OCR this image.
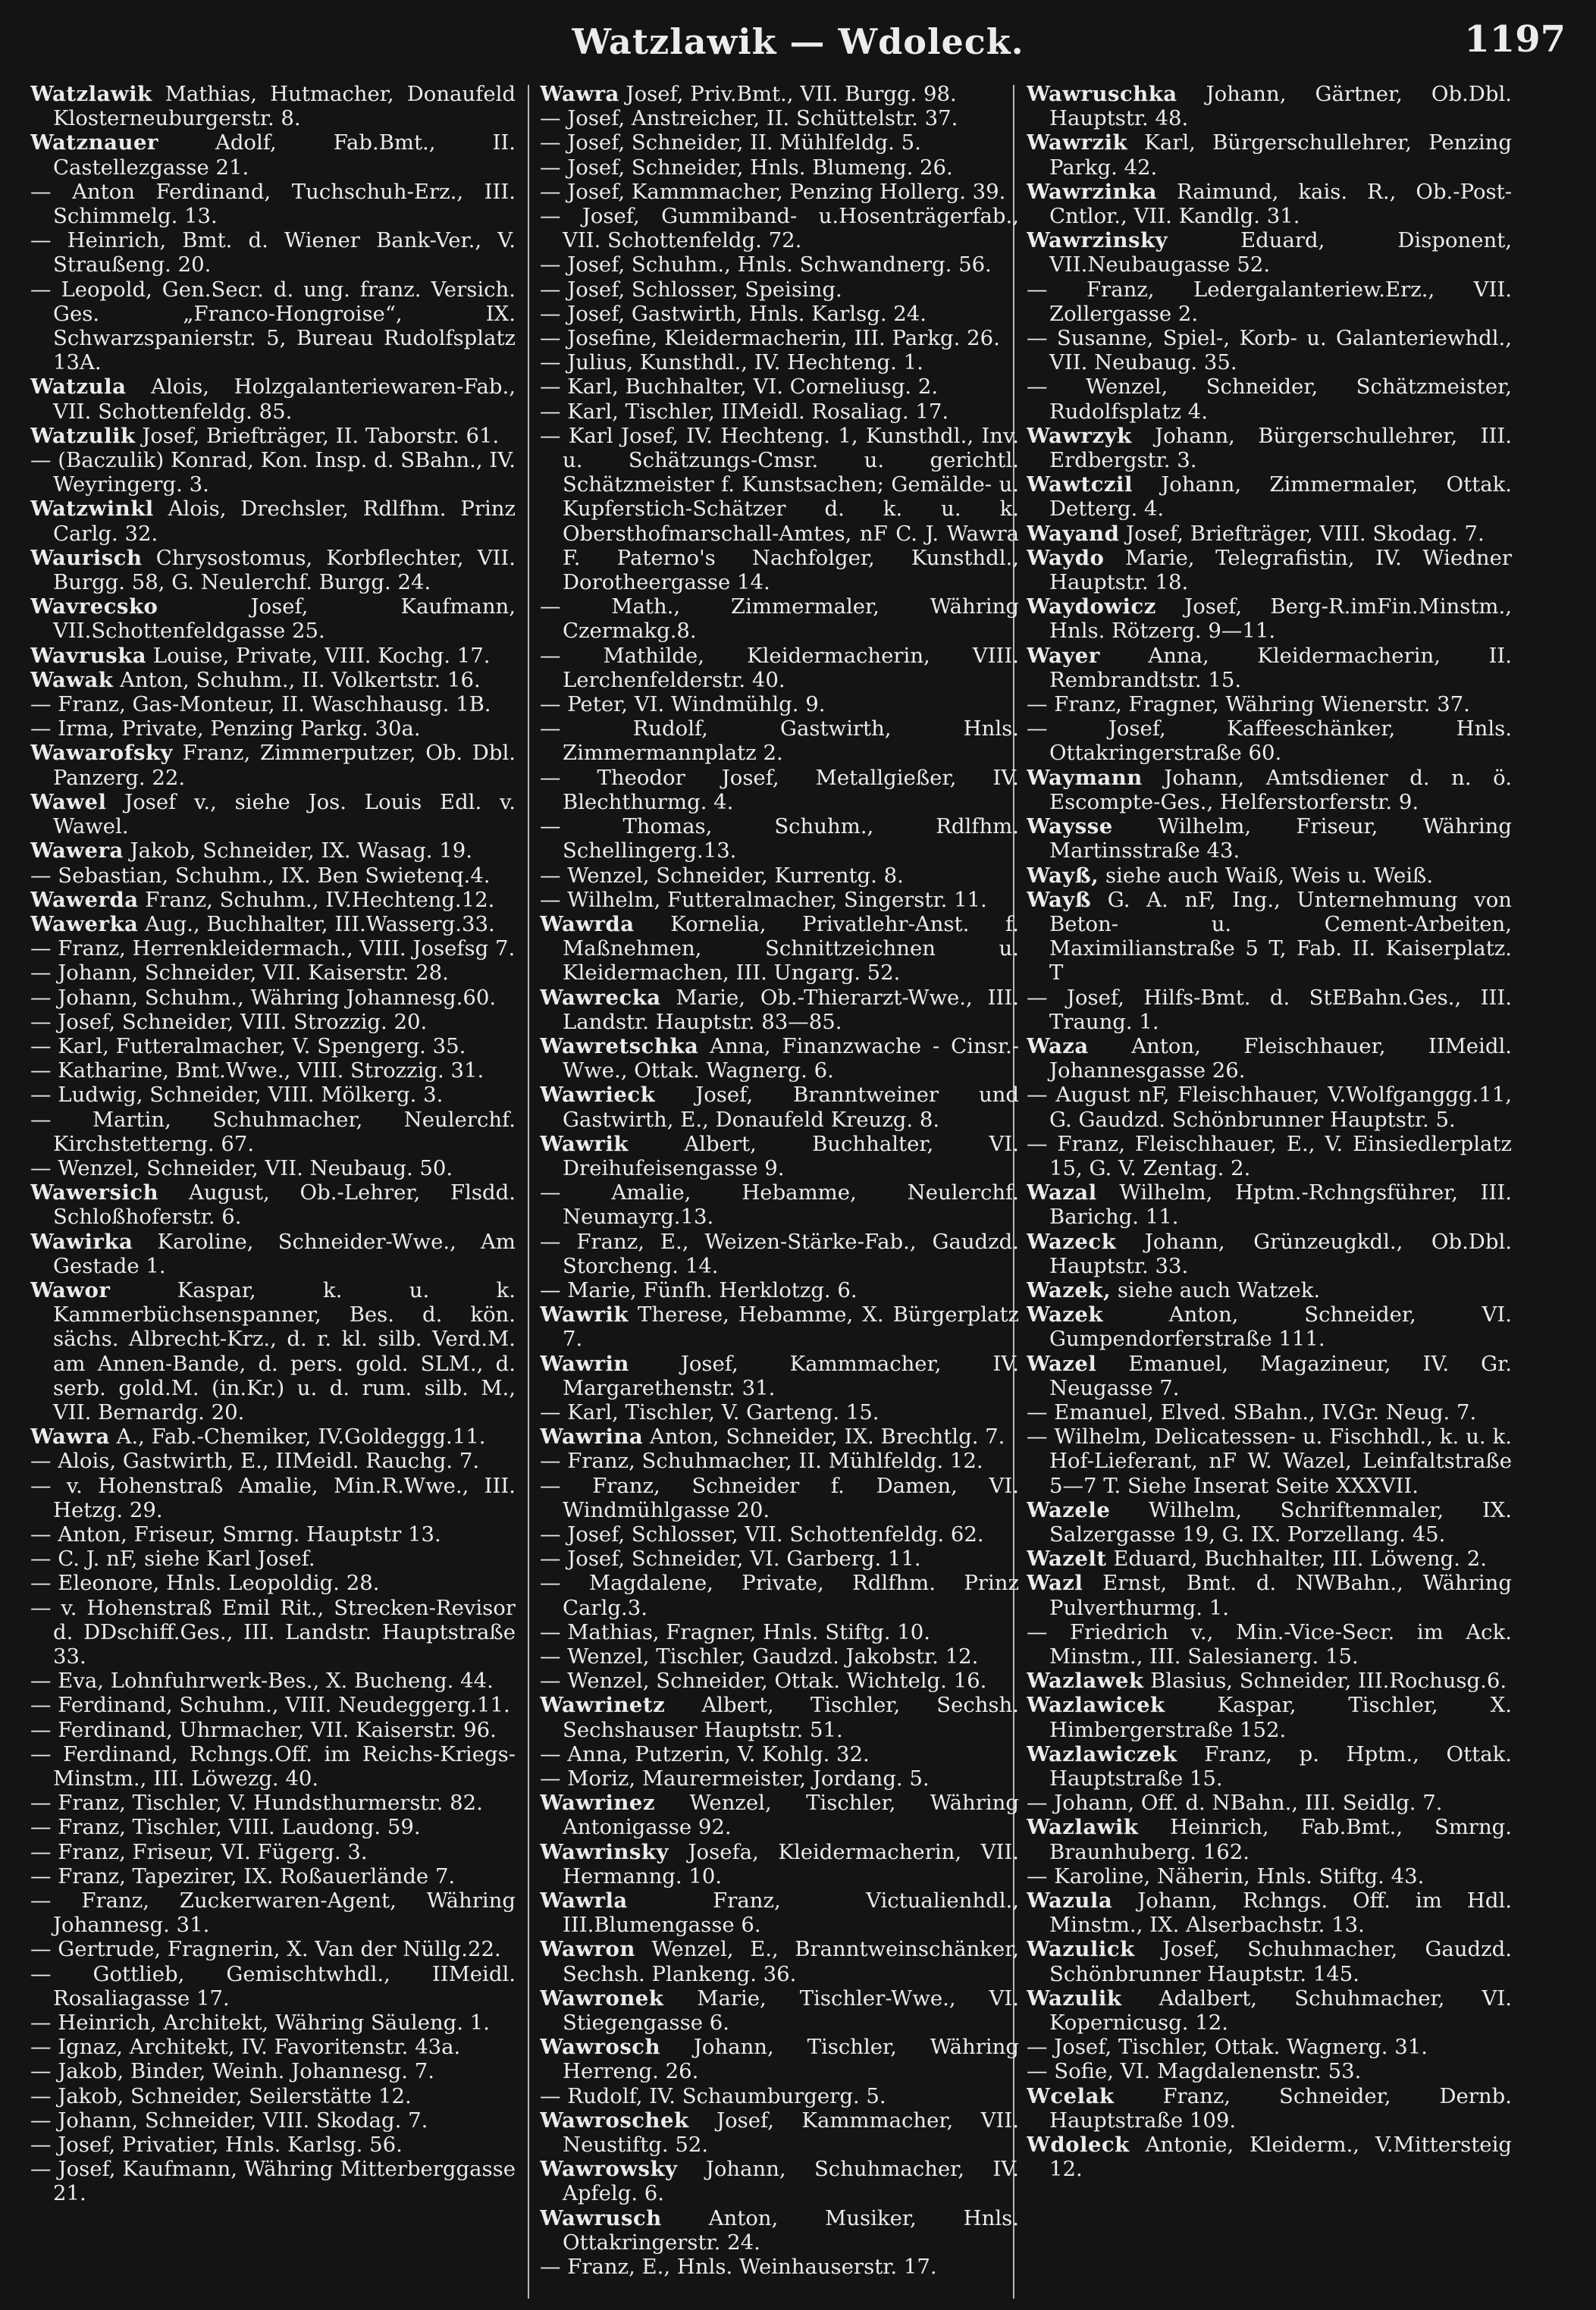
Watzlawik — Wdoleck.	1197

Watzlawik Mathias, Hutmacher, Donaufeld Klosterneuburgerstr. 8.

Watznauer	Adolf, Fab.Bmt., II. Castellezgasse 21.

— Anton Ferdinand, Tuchschuh-Erz., III. Schimmelg. 13.

— Heinrich, Bmt. d. Wiener Bank-Ver., V. Straußeng. 20.

— Leopold, Gen.Secr. d. ung. franz. Versich. Ges. „Franco-Hongroise“, IX. Schwarzspanierstr. 5, Bureau Rudolfsplatz 13A.

Watzula Alois, Holzgalanteriewaren-Fab., VII. Schottenfeldg. 85.

Watzulik Josef, Briefträger, II. Taborstr. 61.

— (Baczulik) Konrad, Kon. Insp. d. SBahn., IV. Weyringerg. 3.

Watzwinkl Alois, Drechsler, Rdlfhm. Prinz Carlg. 32.

Waurisch Chrysostomus, Korbflechter, VII. Burgg. 58, G. Neulerchf. Burgg. 24.

Wavrecsko	Josef, Kaufmann, VII.Schottenfeldgasse 25.

Wavruska Louise, Private, VIII. Kochg. 17.

Wawak Anton, Schuhm., II. Volkertstr. 16.

— Franz, Gas-Monteur, II. Waschhausg. 1B.

— Irma, Private, Penzing Parkg. 30a.

Wawarofsky Franz, Zimmerputzer, Ob. Dbl. Panzerg. 22.

Wawel Josef v., siehe Jos. Louis Edl. v. Wawel.

Wawera Jakob, Schneider, IX. Wasag. 19.

— Sebastian, Schuhm., IX. Ben Swietenq.4.

Wawerda Franz, Schuhm., IV.Hechteng.12.

Wawerka Aug., Buchhalter, III.Wasserg.33.

— Franz, Herrenkleidermach., VIII. Josefsg 7.

— Johann, Schneider, VII. Kaiserstr. 28.

— Johann, Schuhm., Währing Johannesg.60.

— Josef, Schneider, VIII. Strozzig. 20.

— Karl, Futteralmacher, V. Spengerg. 35.

— Katharine, Bmt.Wwe., VIII. Strozzig. 31.

— Ludwig, Schneider, VIII. Mölkerg. 3.

— Martin, Schuhmacher, Neulerchf. Kirchstetterng. 67.

— Wenzel, Schneider, VII. Neubaug. 50.

Wawersich August, Ob.-Lehrer, Flsdd. Schloßhoferstr. 6.

Wawirka Karoline, Schneider-Wwe., Am Gestade 1.

Wawor	Kaspar, k. u. k. Kammerbüchsenspanner, Bes. d. kön. sächs. Albrecht-Krz., d. r. kl. silb. Verd.M. am Annen-Bande, d. pers. gold. SLM., d. serb. gold.M. (in.Kr.) u. d. rum. silb. M., VII. Bernardg. 20.

Wawra A., Fab.-Chemiker, IV.Goldeggg.11.

— Alois, Gastwirth, E., IIMeidl. Rauchg. 7.

— v. Hohenstraß Amalie, Min.R.Wwe., III. Hetzg. 29.

— Anton, Friseur, Smrng. Hauptstr 13.

— C. J. nF, siehe Karl Josef.

— Eleonore, Hnls. Leopoldig. 28.

— v. Hohenstraß Emil Rit., Strecken-Revisor d. DDschiff.Ges., III. Landstr. Hauptstraße 33.

— Eva, Lohnfuhrwerk-Bes., X. Bucheng. 44.

— Ferdinand, Schuhm., VIII. Neudeggerg.11.

— Ferdinand, Uhrmacher, VII. Kaiserstr. 96.

— Ferdinand, Rchngs.Off. im Reichs-Kriegs-Minstm., III. Löwezg. 40.

— Franz, Tischler, V. Hundsthurmerstr. 82.

— Franz, Tischler, VIII. Laudong. 59.

— Franz, Friseur, VI. Fügerg. 3.

— Franz, Tapezirer, IX. Roßauerlände 7.

— Franz, Zuckerwaren-Agent, Währing Johannesg. 31.

— Gertrude, Fragnerin, X. Van der Nüllg.22.

— Gottlieb, Gemischtwhdl., IIMeidl. Rosaliagasse 17.

— Heinrich, Architekt, Währing Säuleng. 1.

— Ignaz, Architekt, IV. Favoritenstr. 43a.

— Jakob, Binder, Weinh. Johannesg. 7.

— Jakob, Schneider, Seilerstätte 12.

— Johann, Schneider, VIII. Skodag. 7.

— Josef, Privatier, Hnls. Karlsg. 56.

— Josef, Kaufmann, Währing Mitterberggasse 21.

Wawra Josef, Priv.Bmt., VII. Burgg. 98.

— Josef, Anstreicher, II. Schüttelstr. 37.

— Josef, Schneider, II. Mühlfeldg. 5.

— Josef, Schneider, Hnls. Blumeng. 26.

— Josef, Kammmacher, Penzing Hollerg. 39.

— Josef, Gummiband- u.Hosenträgerfab., VII. Schottenfeldg. 72.

— Josef, Schuhm., Hnls. Schwandnerg. 56.

— Josef, Schlosser, Speising.

— Josef, Gastwirth, Hnls. Karlsg. 24.

— Josefine, Kleidermacherin, III. Parkg. 26.

— Julius, Kunsthdl., IV. Hechteng. 1.

— Karl, Buchhalter, VI. Corneliusg. 2.

— Karl, Tischler, IIMeidl. Rosaliag. 17.

— Karl Josef, IV. Hechteng. 1, Kunsthdl., Inv. u. Schätzungs-Cmsr. u. gerichtl. Schätzmeister f. Kunstsachen; Gemälde- u. Kupferstich-Schätzer d. k. u. k. Obersthofmarschall-Amtes, nF C. J. Wawra F. Paterno's Nachfolger, Kunsthdl., Dorotheergasse 14.

— Math., Zimmermaler, Währing Czermakg.8.

— Mathilde, Kleidermacherin, VIII. Lerchenfelderstr. 40.

— Peter, VI. Windmühlg. 9.

— Rudolf, Gastwirth, Hnls. Zimmermannplatz 2.

— Theodor Josef, Metallgießer, IV. Blechthurmg. 4.

— Thomas, Schuhm., Rdlfhm. Schellingerg.13.

— Wenzel, Schneider, Kurrentg. 8.

— Wilhelm, Futteralmacher, Singerstr. 11.

Wawrda Kornelia, Privatlehr-Anst. f. Maßnehmen, Schnittzeichnen u. Kleidermachen, III. Ungarg. 52.

Wawrecka Marie, Ob.-Thierarzt-Wwe., III. Landstr. Hauptstr. 83—85.

Wawretschka Anna, Finanzwache - Cinsr.-Wwe., Ottak. Wagnerg. 6.

Wawrieck Josef, Branntweiner und Gastwirth, E., Donaufeld Kreuzg. 8.

Wawrik	Albert, Buchhalter, VI. Dreihufeisengasse 9.

— Amalie, Hebamme, Neulerchf. Neumayrg.13.

— Franz, E., Weizen-Stärke-Fab., Gaudzd. Storcheng. 14.

— Marie, Fünfh. Herklotzg. 6.

Wawrik Therese, Hebamme, X. Bürgerplatz 7.

Wawrin Josef, Kammmacher, IV. Margarethenstr. 31.

— Karl, Tischler, V. Garteng. 15.

Wawrina Anton, Schneider, IX. Brechtlg. 7.

— Franz, Schuhmacher, II. Mühlfeldg. 12.

— Franz, Schneider f. Damen, VI. Windmühlgasse 20.

— Josef, Schlosser, VII. Schottenfeldg. 62.

— Josef, Schneider, VI. Garberg. 11.

— Magdalene, Private, Rdlfhm. Prinz Carlg.3.

— Mathias, Fragner, Hnls. Stiftg. 10.

— Wenzel, Tischler, Gaudzd. Jakobstr. 12.

— Wenzel, Schneider, Ottak. Wichtelg. 16.

Wawrinetz Albert, Tischler, Sechsh. Sechshauser Hauptstr. 51.

— Anna, Putzerin, V. Kohlg. 32.

— Moriz, Maurermeister, Jordang. 5.

Wawrinez Wenzel, Tischler, Währing Antonigasse 92.

Wawrinsky Josefa, Kleidermacherin, VII. Hermanng. 10.

Wawrla	Franz, Victualienhdl., III.Blumengasse 6.

Wawron Wenzel, E., Branntweinschänker, Sechsh. Plankeng. 36.

Wawronek Marie, Tischler-Wwe., VI. Stiegengasse 6.

Wawrosch Johann, Tischler, Währing Herreng. 26.

— Rudolf, IV. Schaumburgerg. 5.

Wawroschek Josef, Kammmacher, VII. Neustiftg. 52.

Wawrowsky Johann, Schuhmacher, IV. Apfelg. 6.

Wawrusch Anton, Musiker, Hnls. Ottakringerstr. 24.

— Franz, E., Hnls. Weinhauserstr. 17.

Wawruschka Johann, Gärtner, Ob.Dbl. Hauptstr. 48.

Wawrzik Karl, Bürgerschullehrer, Penzing Parkg. 42.

Wawrzinka Raimund, kais. R., Ob.-Post-Cntlor., VII. Kandlg. 31.

Wawrzinsky	Eduard, Disponent, VII.Neubaugasse 52.

— Franz, Ledergalanteriew.Erz., VII. Zollergasse 2.

— Susanne, Spiel-, Korb- u. Galanteriewhdl., VII. Neubaug. 35.

— Wenzel, Schneider, Schätzmeister, Rudolfsplatz 4.

Wawrzyk Johann, Bürgerschullehrer, III. Erdbergstr. 3.

Wawtczil Johann, Zimmermaler, Ottak. Detterg. 4.

Wayand Josef, Briefträger, VIII. Skodag. 7.

Waydo Marie, Telegrafistin, IV. Wiedner Hauptstr. 18.

Waydowicz Josef, Berg-R.imFin.Minstm., Hnls. Rötzerg. 9—11.

Wayer Anna, Kleidermacherin, II. Rembrandtstr. 15.

— Franz, Fragner, Währing Wienerstr. 37.

— Josef, Kaffeeschänker, Hnls. Ottakringerstraße 60.

Waymann Johann, Amtsdiener d. n. ö. Escompte-Ges., Helferstorferstr. 9.

Waysse Wilhelm, Friseur, Währing Martinsstraße 43.

Wayß, siehe auch Waiß, Weis u. Weiß.

Wayß G. A. nF, Ing., Unternehmung von Beton- u. Cement-Arbeiten, Maximilianstraße 5 T, Fab. II. Kaiserplatz. T

— Josef, Hilfs-Bmt. d. StEBahn.Ges., III. Traung. 1.

Waza Anton, Fleischhauer, IIMeidl. Johannesgasse 26.

— August nF, Fleischhauer, V.Wolfganggg.11, G. Gaudzd. Schönbrunner Hauptstr. 5.

— Franz, Fleischhauer, E., V. Einsiedlerplatz 15, G. V. Zentag. 2.

Wazal Wilhelm, Hptm.-Rchngsführer, III. Barichg. 11.

Wazeck Johann, Grünzeugkdl., Ob.Dbl. Hauptstr. 33.

Wazek, siehe auch Watzek.

Wazek	Anton, Schneider, VI. Gumpendorferstraße 111.

Wazel Emanuel, Magazineur, IV. Gr. Neugasse 7.

— Emanuel, Elved. SBahn., IV.Gr. Neug. 7.

— Wilhelm, Delicatessen- u. Fischhdl., k. u. k. Hof-Lieferant, nF W. Wazel, Leinfaltstraße 5—7 T. Siehe Inserat Seite XXXVII.

Wazele Wilhelm, Schriftenmaler, IX. Salzergasse 19, G. IX. Porzellang. 45.

Wazelt Eduard, Buchhalter, III. Löweng. 2.

Wazl Ernst, Bmt. d. NWBahn., Währing Pulverthurmg. 1.

— Friedrich v., Min.-Vice-Secr. im Ack. Minstm., III. Salesianerg. 15.

Wazlawek Blasius, Schneider, III.Rochusg.6.

Wazlawicek	Kaspar, Tischler, X. Himbergerstraße 152.

Wazlawiczek Franz, p. Hptm., Ottak. Hauptstraße 15.

— Johann, Off. d. NBahn., III. Seidlg. 7.

Wazlawik Heinrich, Fab.Bmt., Smrng. Braunhuberg. 162.

— Karoline, Näherin, Hnls. Stiftg. 43.

Wazula Johann, Rchngs. Off. im Hdl. Minstm., IX. Alserbachstr. 13.

Wazulick Josef, Schuhmacher, Gaudzd. Schönbrunner Hauptstr. 145.

Wazulik Adalbert, Schuhmacher, VI. Kopernicusg. 12.

— Josef, Tischler, Ottak. Wagnerg. 31.

— Sofie, VI. Magdalenenstr. 53.

Wcelak Franz, Schneider, Dernb. Hauptstraße 109.

Wdoleck Antonie, Kleiderm., V.Mittersteig 12.
